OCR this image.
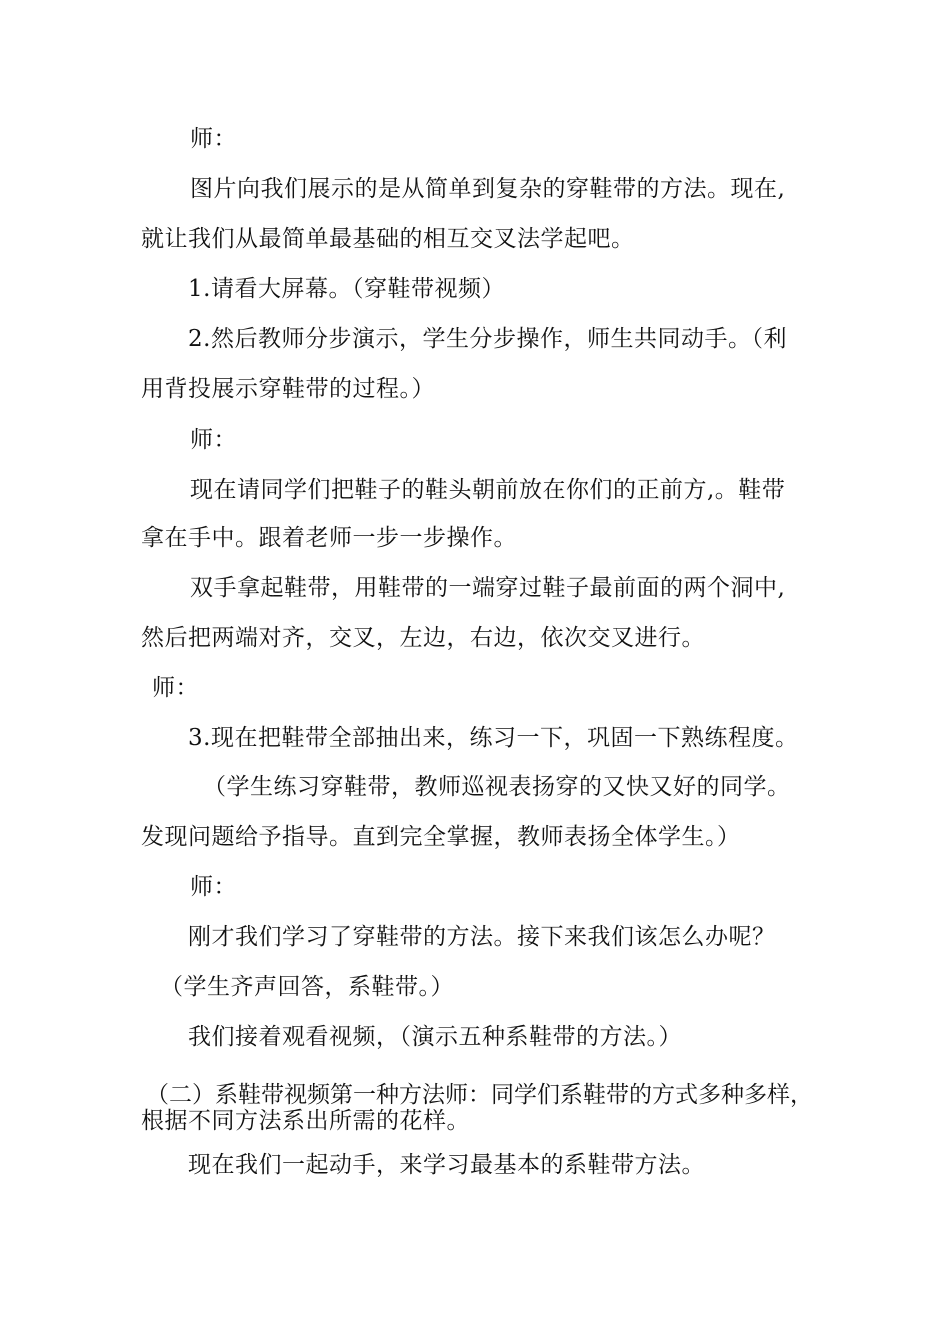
师：
图片向我们展示的是从简单到复杂的穿鞋带的方法。现在,
就让我们从最简单最基础的相互交叉法学起吧。
1.请看大屏幕。（穿鞋带视频）
2.然后教师分步演示，学生分步操作，师生共同动手。（利
用背投展示穿鞋带的过程。）
师：
现在请同学们把鞋子的鞋头朝前放在你们的正前方,。鞋带
拿在手中。跟着老师一步一步操作。
双手拿起鞋带，用鞋带的一端穿过鞋子最前面的两个洞中,
然后把两端对齐，交叉，左边，右边，依次交叉进行。
师：
3.现在把鞋带全部抽出来，练习一下，巩固一下熟练程度。
（学生练习穿鞋带，教师巡视表扬穿的又快又好的同学。
发现问题给予指导。直到完全掌握，教师表扬全体学生。）
师：
刚才我们学习了穿鞋带的方法。接下来我们该怎么办呢？
（学生齐声回答，系鞋带。）
我们接着观看视频，（演示五种系鞋带的方法。）
（二）系鞋带视频第一种方法师：同学们系鞋带的方式多种多样，
根据不同方法系出所需的花样。
现在我们一起动手，来学习最基本的系鞋带方法。
